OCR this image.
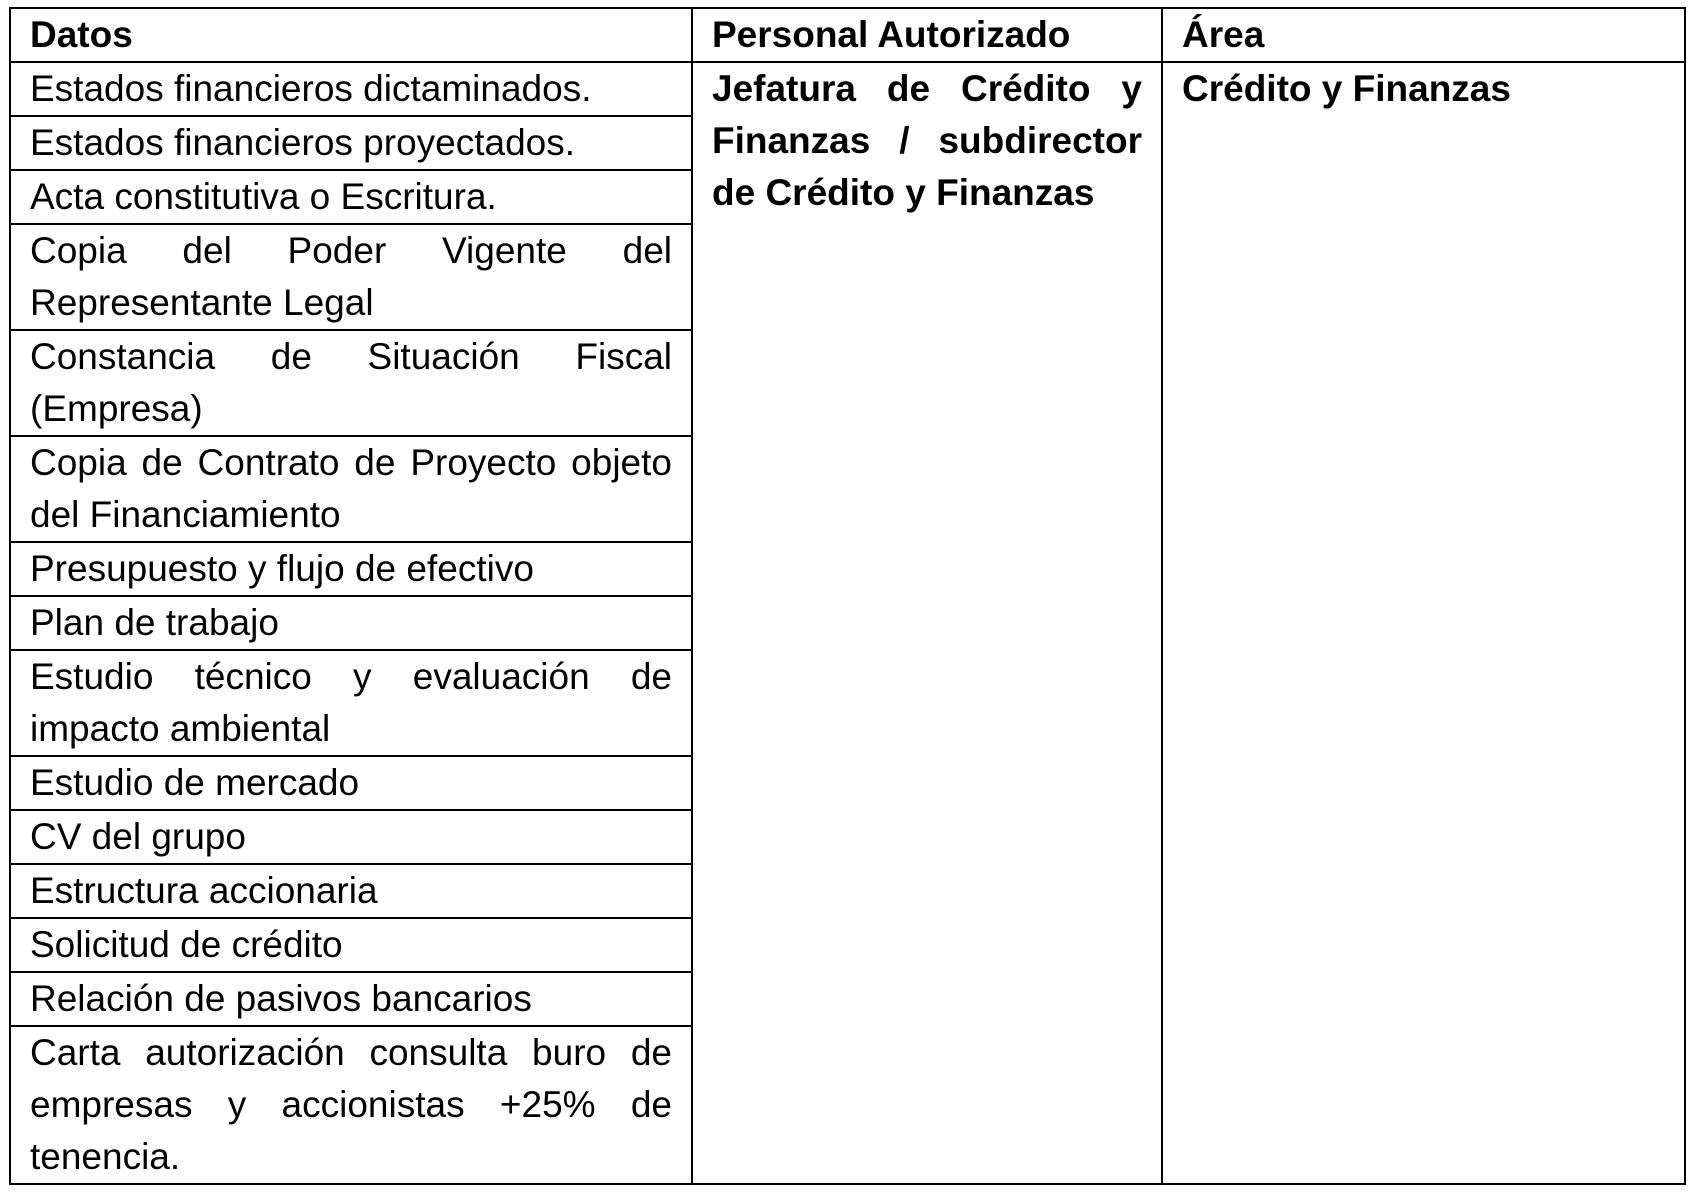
Datos	Personal Autorizado	Área
Estados financieros dictaminados.	Jefatura de Crédito y Finanzas / subdirector de Crédito y Finanzas	Crédito y Finanzas
Estados financieros proyectados.		
Acta constitutiva o Escritura.		
Copia del Poder Vigente del Representante Legal		
Constancia de Situación Fiscal (Empresa)		
Copia de Contrato de Proyecto objeto del Financiamiento		
Presupuesto y flujo de efectivo		
Plan de trabajo		
Estudio técnico y evaluación de impacto ambiental		
Estudio de mercado		
CV del grupo		
Estructura accionaria		
Solicitud de crédito		
Relación de pasivos bancarios		
Carta autorización consulta buro de empresas y accionistas +25% de tenencia.		
